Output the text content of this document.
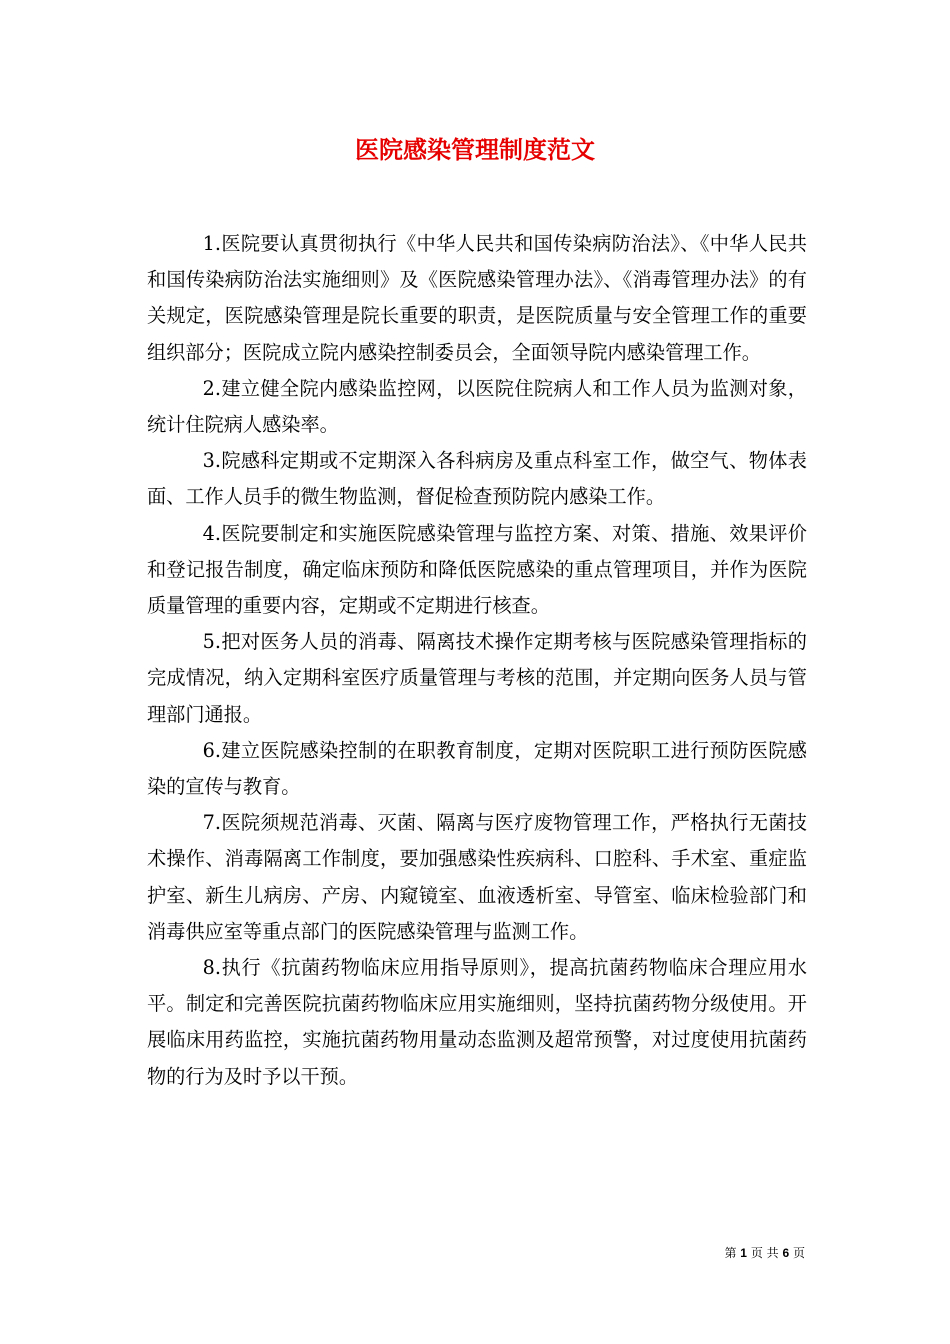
医院感染管理制度范文

1.医院要认真贯彻执行《中华人民共和国传染病防治法》、《中华人民共和国传染病防治法实施细则》及《医院感染管理办法》、《消毒管理办法》的有关规定，医院感染管理是院长重要的职责，是医院质量与安全管理工作的重要组织部分；医院成立院内感染控制委员会，全面领导院内感染管理工作。

2.建立健全院内感染监控网，以医院住院病人和工作人员为监测对象，统计住院病人感染率。

3.院感科定期或不定期深入各科病房及重点科室工作，做空气、物体表面、工作人员手的微生物监测，督促检查预防院内感染工作。

4.医院要制定和实施医院感染管理与监控方案、对策、措施、效果评价和登记报告制度，确定临床预防和降低医院感染的重点管理项目，并作为医院质量管理的重要内容，定期或不定期进行核查。

5.把对医务人员的消毒、隔离技术操作定期考核与医院感染管理指标的完成情况，纳入定期科室医疗质量管理与考核的范围，并定期向医务人员与管理部门通报。

6.建立医院感染控制的在职教育制度，定期对医院职工进行预防医院感染的宣传与教育。

7.医院须规范消毒、灭菌、隔离与医疗废物管理工作，严格执行无菌技术操作、消毒隔离工作制度，要加强感染性疾病科、口腔科、手术室、重症监护室、新生儿病房、产房、内窥镜室、血液透析室、导管室、临床检验部门和消毒供应室等重点部门的医院感染管理与监测工作。

8.执行《抗菌药物临床应用指导原则》，提高抗菌药物临床合理应用水平。制定和完善医院抗菌药物临床应用实施细则，坚持抗菌药物分级使用。开展临床用药监控，实施抗菌药物用量动态监测及超常预警，对过度使用抗菌药物的行为及时予以干预。

第 1 页 共 6 页
